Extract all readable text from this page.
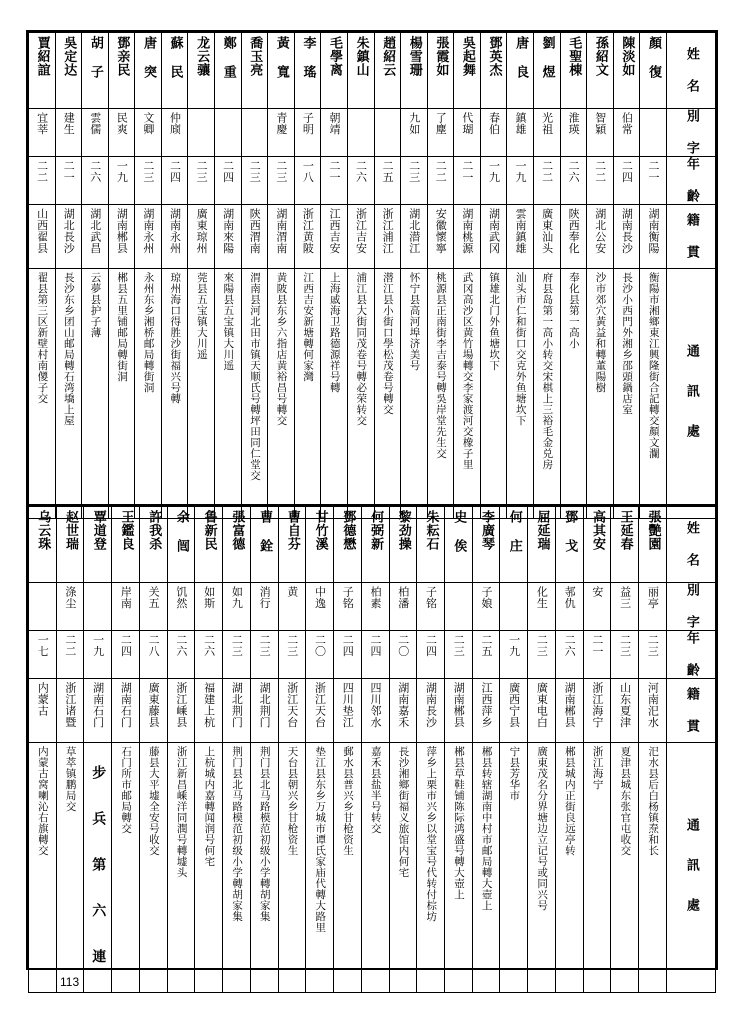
賈紹誼	吳定达	胡 子	鄧亲民	唐 突	蘇 民	龙云骧	鄭 重	喬玉亮	黃 寬	李 瑤	毛學离	朱鎮山	趙紹云	楊雪珊	張霞如	吳起舞	鄧英杰	唐 良	劉 煜	毛聖棟	孫紹文	陳淡如	顏 復	姓 名

宜莘	建生	雲儒	民爽	文卿	仲庼				青慶	子明	朝靖			九如	了塵	代瑚	春伯	鎮雄	光祖	淮瑛	智穎	伯常		別 字

二二	二一	二六	一九	二三	二四	二三	二四	二三	二三	一八	二一	二六	二五	二三	二二	二一	一九	一九	二二	二六	二二	二四	二一	年 齡

山西翟县	湖北長沙	湖北武昌	湖南郴县	湖南永州	湖南永州	廣東琼州	湖南來陽	陝西渭南	湖南渭南	浙江黄陂	江西吉安	浙江吉安	浙江浦江	湖北潜江	安徽懷寧	湖南桃源	湖南武冈	雲南鎮雄	廣東汕头	陝西奉化	湖北公安	湖南長沙	湖南衡陽	籍 貫

翟县第三区新壁村南儍子交	長沙东乡团山邮局轉石湾墧上屋	云夢县护子薄	郴县五里铺邮局轉街洞	永州东乡湘桥邮局轉街洞	琼州海口得胜沙街福兴号轉	莞县五宝镇大川遥	來陽县五宝镇大川遥	渭南县河北田市镇天顺氏号轉坪田同仁堂交	黄陂县东乡六指店黄裕昌号轉交	江西吉安新塘轉何家灣	上海戚海卫路德源祥号轉	浦江县大街同茂卷号轉必荣转交	潜江县小街口學松茂卷号轉交	怀宁县高河埠济美号	桃源县正南街李吉泰号轉吳岸堂先生交	武冈高沙区黄竹場轉交李家渡河交橡子里	镇雄北门外鱼塘坎下	汕头市仁和街口交克外鱼塘坎下	府县岛第一高小转交宋棋上三裕毛金兑房	奉化县第一高小	沙市郊穴黃益和轉董陽樹	長沙小西門外湘乡邵頭鍋店室	衡陽市湘鄉東江興隆街合記轉交顏文瀾	通 訊 處
乌云珠	赵世瑞	覃道登	王鑑良	許我杀	余 闿	鲁新民	張富德	曹 銓	曹自芬	甘竹溪	鄧德懋	何弼新	黎劲操	朱耘石	史 俟	李廣琴	何 庄	屈延瑞	鄧 戈	高其安	王延春	張艷園	姓 名

	涤尘		岸南	关五	饥然	如斯	如九	消行	黄	中逸	子铭	柏素	柏潘	子铭		子娘		化生	邿仇	安	益三	丽亭	別 字

一七	二二	一九	二四	二八	二六	二六	二三	二三	二三	二〇	二四	二四	二〇	二四	二三	二五	一九	二三	二六	二一	二三	二三	年 齡

内蒙古	浙江诸暨	湖南石门	湖南石门	廣東藤县	浙江嵊县	福建上杭	湖北荆门	湖北荆门	浙江天台	浙江天台	四川垫江	四川邻水	湖南嘉禾	湖南長沙	湖南郴县	江西萍乡	廣西宁县	廣東电白	湖南郴县	浙江海宁	山东夏津	河南汜水	籍 貫

内蒙古窝喇沁右旗轉交	草萃镇鹏局交	步 兵 第 六 連	石门所市邮局轉交	藤县大平墟全安号收交	浙江新昌嵊洋同潤号轉墟头	上杭城内嘉轉闻润号何宅	荆门县北马路模范初级小学轉胡家集	荆门县北马路模范初级小学轉胡家集	天台县朝兴乡甘枪资生	垫江县东乡万城市谭氏家庙代轉大路里	郵水县普兴乡甘枪资生	嘉禾县盐半号转交	長沙湘鄉街福义旅馆内何宅	萍乡上栗市兴乡以堂宝号代转付棕坊	郴县草鞋铺陈际鸿盛号轉大壺上	郴县转辖湖南中村市邮局轉大壺上	宁县芳华市	廣東茂名分界塘边立记号或同兴号	郴县城内正街良远亭转	浙江海宁	夏津县城东张官屯收交	汜水县后白杨镇焘和长	通 訊 處
113
